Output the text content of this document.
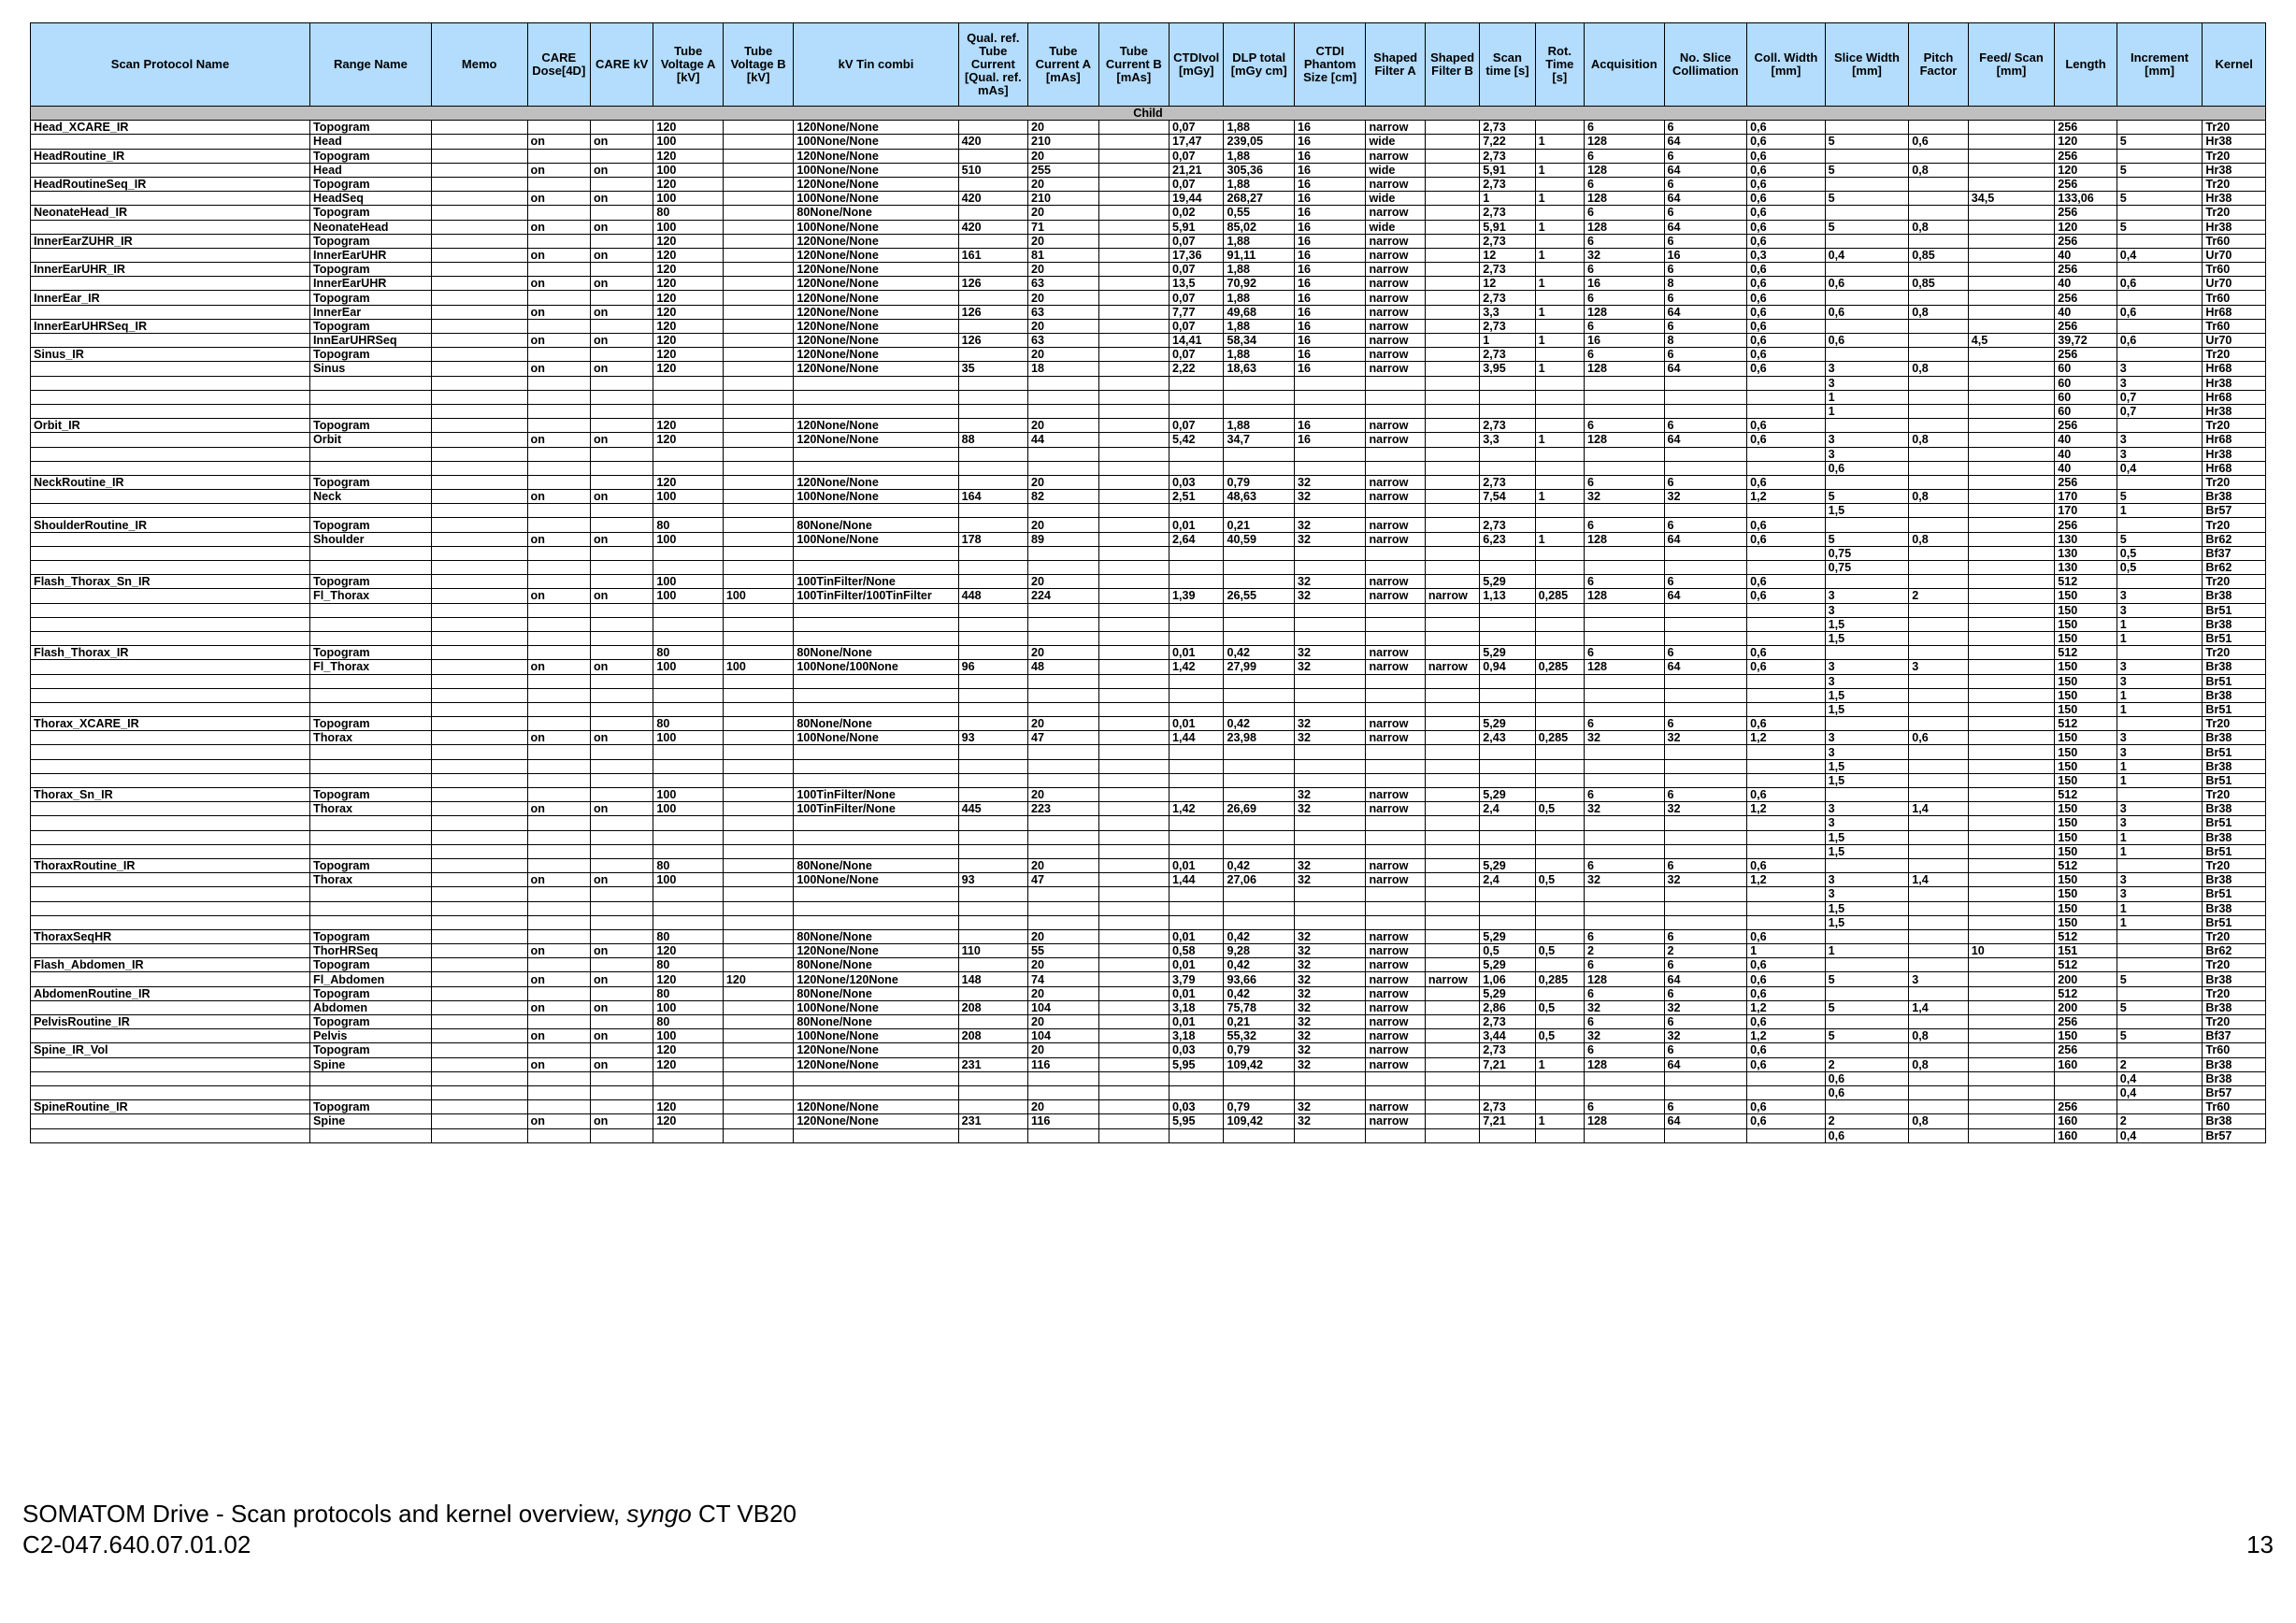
Scan Protocol Name	Range Name	Memo	CARE Dose[4D]	CARE kV	Tube Voltage A [kV]	Tube Voltage B [kV]	kV Tin combi	Qual. ref. Tube Current [Qual. ref. mAs]	Tube Current A [mAs]	Tube Current B [mAs]	CTDIvol [mGy]	DLP total [mGy cm]	CTDI Phantom Size [cm]	Shaped Filter A	Shaped Filter B	Scan time [s]	Rot. Time [s]	Acquisition	No. Slice Collimation	Coll. Width [mm]	Slice Width [mm]	Pitch Factor	Feed/ Scan [mm]	Length	Increment [mm]	Kernel
Child																										
Head_XCARE_IR	Topogram				120		120None/None		20		0,07	1,88	16	narrow		2,73		6	6	0,6				256		Tr20
	Head		on	on	100		100None/None	420	210		17,47	239,05	16	wide		7,22	1	128	64	0,6	5	0,6		120	5	Hr38
HeadRoutine_IR	Topogram				120		120None/None		20		0,07	1,88	16	narrow		2,73		6	6	0,6				256		Tr20
	Head		on	on	100		100None/None	510	255		21,21	305,36	16	wide		5,91	1	128	64	0,6	5	0,8		120	5	Hr38
HeadRoutineSeq_IR	Topogram				120		120None/None		20		0,07	1,88	16	narrow		2,73		6	6	0,6				256		Tr20
	HeadSeq		on	on	100		100None/None	420	210		19,44	268,27	16	wide		1	1	128	64	0,6	5		34,5	133,06	5	Hr38
NeonateHead_IR	Topogram				80		80None/None		20		0,02	0,55	16	narrow		2,73		6	6	0,6				256		Tr20
	NeonateHead		on	on	100		100None/None	420	71		5,91	85,02	16	wide		5,91	1	128	64	0,6	5	0,8		120	5	Hr38
InnerEarZUHR_IR	Topogram				120		120None/None		20		0,07	1,88	16	narrow		2,73		6	6	0,6				256		Tr60
	InnerEarUHR		on	on	120		120None/None	161	81		17,36	91,11	16	narrow		12	1	32	16	0,3	0,4	0,85		40	0,4	Ur70
InnerEarUHR_IR	Topogram				120		120None/None		20		0,07	1,88	16	narrow		2,73		6	6	0,6				256		Tr60
	InnerEarUHR		on	on	120		120None/None	126	63		13,5	70,92	16	narrow		12	1	16	8	0,6	0,6	0,85		40	0,6	Ur70
InnerEar_IR	Topogram				120		120None/None		20		0,07	1,88	16	narrow		2,73		6	6	0,6				256		Tr60
	InnerEar		on	on	120		120None/None	126	63		7,77	49,68	16	narrow		3,3	1	128	64	0,6	0,6	0,8		40	0,6	Hr68
InnerEarUHRSeq_IR	Topogram				120		120None/None		20		0,07	1,88	16	narrow		2,73		6	6	0,6				256		Tr60
	InnEarUHRSeq		on	on	120		120None/None	126	63		14,41	58,34	16	narrow		1	1	16	8	0,6	0,6		4,5	39,72	0,6	Ur70
Sinus_IR	Topogram				120		120None/None		20		0,07	1,88	16	narrow		2,73		6	6	0,6				256		Tr20
	Sinus		on	on	120		120None/None	35	18		2,22	18,63	16	narrow		3,95	1	128	64	0,6	3	0,8		60	3	Hr68
																					3			60	3	Hr38
																					1			60	0,7	Hr68
																					1			60	0,7	Hr38
Orbit_IR	Topogram				120		120None/None		20		0,07	1,88	16	narrow		2,73		6	6	0,6				256		Tr20
	Orbit		on	on	120		120None/None	88	44		5,42	34,7	16	narrow		3,3	1	128	64	0,6	3	0,8		40	3	Hr68
																					3			40	3	Hr38
																					0,6			40	0,4	Hr68
NeckRoutine_IR	Topogram				120		120None/None		20		0,03	0,79	32	narrow		2,73		6	6	0,6				256		Tr20
	Neck		on	on	100		100None/None	164	82		2,51	48,63	32	narrow		7,54	1	32	32	1,2	5	0,8		170	5	Br38
																					1,5			170	1	Br57
ShoulderRoutine_IR	Topogram				80		80None/None		20		0,01	0,21	32	narrow		2,73		6	6	0,6				256		Tr20
	Shoulder		on	on	100		100None/None	178	89		2,64	40,59	32	narrow		6,23	1	128	64	0,6	5	0,8		130	5	Br62
																					0,75			130	0,5	Bf37
																					0,75			130	0,5	Br62
Flash_Thorax_Sn_IR	Topogram				100		100TinFilter/None		20				32	narrow		5,29		6	6	0,6				512		Tr20
	Fl_Thorax		on	on	100	100	100TinFilter/100TinFilter	448	224		1,39	26,55	32	narrow	narrow	1,13	0,285	128	64	0,6	3	2		150	3	Br38
																					3			150	3	Br51
																					1,5			150	1	Br38
																					1,5			150	1	Br51
Flash_Thorax_IR	Topogram				80		80None/None		20		0,01	0,42	32	narrow		5,29		6	6	0,6				512		Tr20
	Fl_Thorax		on	on	100	100	100None/100None	96	48		1,42	27,99	32	narrow	narrow	0,94	0,285	128	64	0,6	3	3		150	3	Br38
																					3			150	3	Br51
																					1,5			150	1	Br38
																					1,5			150	1	Br51
Thorax_XCARE_IR	Topogram				80		80None/None		20		0,01	0,42	32	narrow		5,29		6	6	0,6				512		Tr20
	Thorax		on	on	100		100None/None	93	47		1,44	23,98	32	narrow		2,43	0,285	32	32	1,2	3	0,6		150	3	Br38
																					3			150	3	Br51
																					1,5			150	1	Br38
																					1,5			150	1	Br51
Thorax_Sn_IR	Topogram				100		100TinFilter/None		20				32	narrow		5,29		6	6	0,6				512		Tr20
	Thorax		on	on	100		100TinFilter/None	445	223		1,42	26,69	32	narrow		2,4	0,5	32	32	1,2	3	1,4		150	3	Br38
																					3			150	3	Br51
																					1,5			150	1	Br38
																					1,5			150	1	Br51
ThoraxRoutine_IR	Topogram				80		80None/None		20		0,01	0,42	32	narrow		5,29		6	6	0,6				512		Tr20
	Thorax		on	on	100		100None/None	93	47		1,44	27,06	32	narrow		2,4	0,5	32	32	1,2	3	1,4		150	3	Br38
																					3			150	3	Br51
																					1,5			150	1	Br38
																					1,5			150	1	Br51
ThoraxSeqHR	Topogram				80		80None/None		20		0,01	0,42	32	narrow		5,29		6	6	0,6				512		Tr20
	ThorHRSeq		on	on	120		120None/None	110	55		0,58	9,28	32	narrow		0,5	0,5	2	2	1	1		10	151		Br62
Flash_Abdomen_IR	Topogram				80		80None/None		20		0,01	0,42	32	narrow		5,29		6	6	0,6				512		Tr20
	Fl_Abdomen		on	on	120	120	120None/120None	148	74		3,79	93,66	32	narrow	narrow	1,06	0,285	128	64	0,6	5	3		200	5	Br38
AbdomenRoutine_IR	Topogram				80		80None/None		20		0,01	0,42	32	narrow		5,29		6	6	0,6				512		Tr20
	Abdomen		on	on	100		100None/None	208	104		3,18	75,78	32	narrow		2,86	0,5	32	32	1,2	5	1,4		200	5	Br38
PelvisRoutine_IR	Topogram				80		80None/None		20		0,01	0,21	32	narrow		2,73		6	6	0,6				256		Tr20
	Pelvis		on	on	100		100None/None	208	104		3,18	55,32	32	narrow		3,44	0,5	32	32	1,2	5	0,8		150	5	Bf37
Spine_IR_Vol	Topogram				120		120None/None		20		0,03	0,79	32	narrow		2,73		6	6	0,6				256		Tr60
	Spine		on	on	120		120None/None	231	116		5,95	109,42	32	narrow		7,21	1	128	64	0,6	2	0,8		160	2	Br38
																					0,6				0,4	Br38
																					0,6				0,4	Br57
SpineRoutine_IR	Topogram				120		120None/None		20		0,03	0,79	32	narrow		2,73		6	6	0,6				256		Tr60
	Spine		on	on	120		120None/None	231	116		5,95	109,42	32	narrow		7,21	1	128	64	0,6	2	0,8		160	2	Br38
																					0,6			160	0,4	Br57
SOMATOM Drive - Scan protocols and kernel overview, syngo CT VB20
C2-047.640.07.01.02	13
